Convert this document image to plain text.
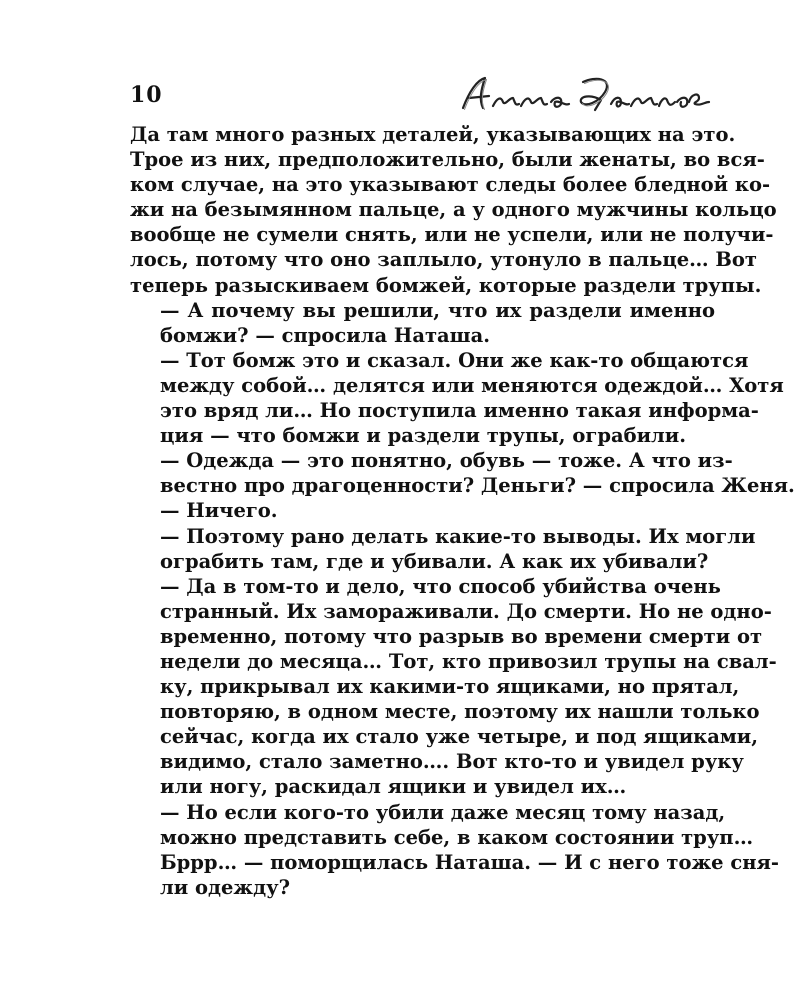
10

Да там много разных деталей, указывающих на это.
Трое из них, предположительно, были женаты, во вся-
ком случае, на это указывают следы более бледной ко-
жи на безымянном пальце, а у одного мужчины кольцо
вообще не сумели снять, или не успели, или не получи-
лось, потому что оно заплыло, утонуло в пальце… Вот
теперь разыскиваем бомжей, которые раздели трупы.

— А почему вы решили, что их раздели именно
бомжи? — спросила Наташа.

— Тот бомж это и сказал. Они же как-то общаются
между собой… делятся или меняются одеждой… Хотя
это вряд ли… Но поступила именно такая информа-
ция — что бомжи и раздели трупы, ограбили.

— Одежда — это понятно, обувь — тоже. А что из-
вестно про драгоценности? Деньги? — спросила Женя.

— Ничего.

— Поэтому рано делать какие-то выводы. Их могли
ограбить там, где и убивали. А как их убивали?

— Да в том-то и дело, что способ убийства очень
странный. Их замораживали. До смерти. Но не одно-
временно, потому что разрыв во времени смерти от
недели до месяца… Тот, кто привозил трупы на свал-
ку, прикрывал их какими-то ящиками, но прятал,
повторяю, в одном месте, поэтому их нашли только
сейчас, когда их стало уже четыре, и под ящиками,
видимо, стало заметно…. Вот кто-то и увидел руку
или ногу, раскидал ящики и увидел их…

— Но если кого-то убили даже месяц тому назад,
можно представить себе, в каком состоянии труп…
Бррр… — поморщилась Наташа. — И с него тоже сня-
ли одежду?
